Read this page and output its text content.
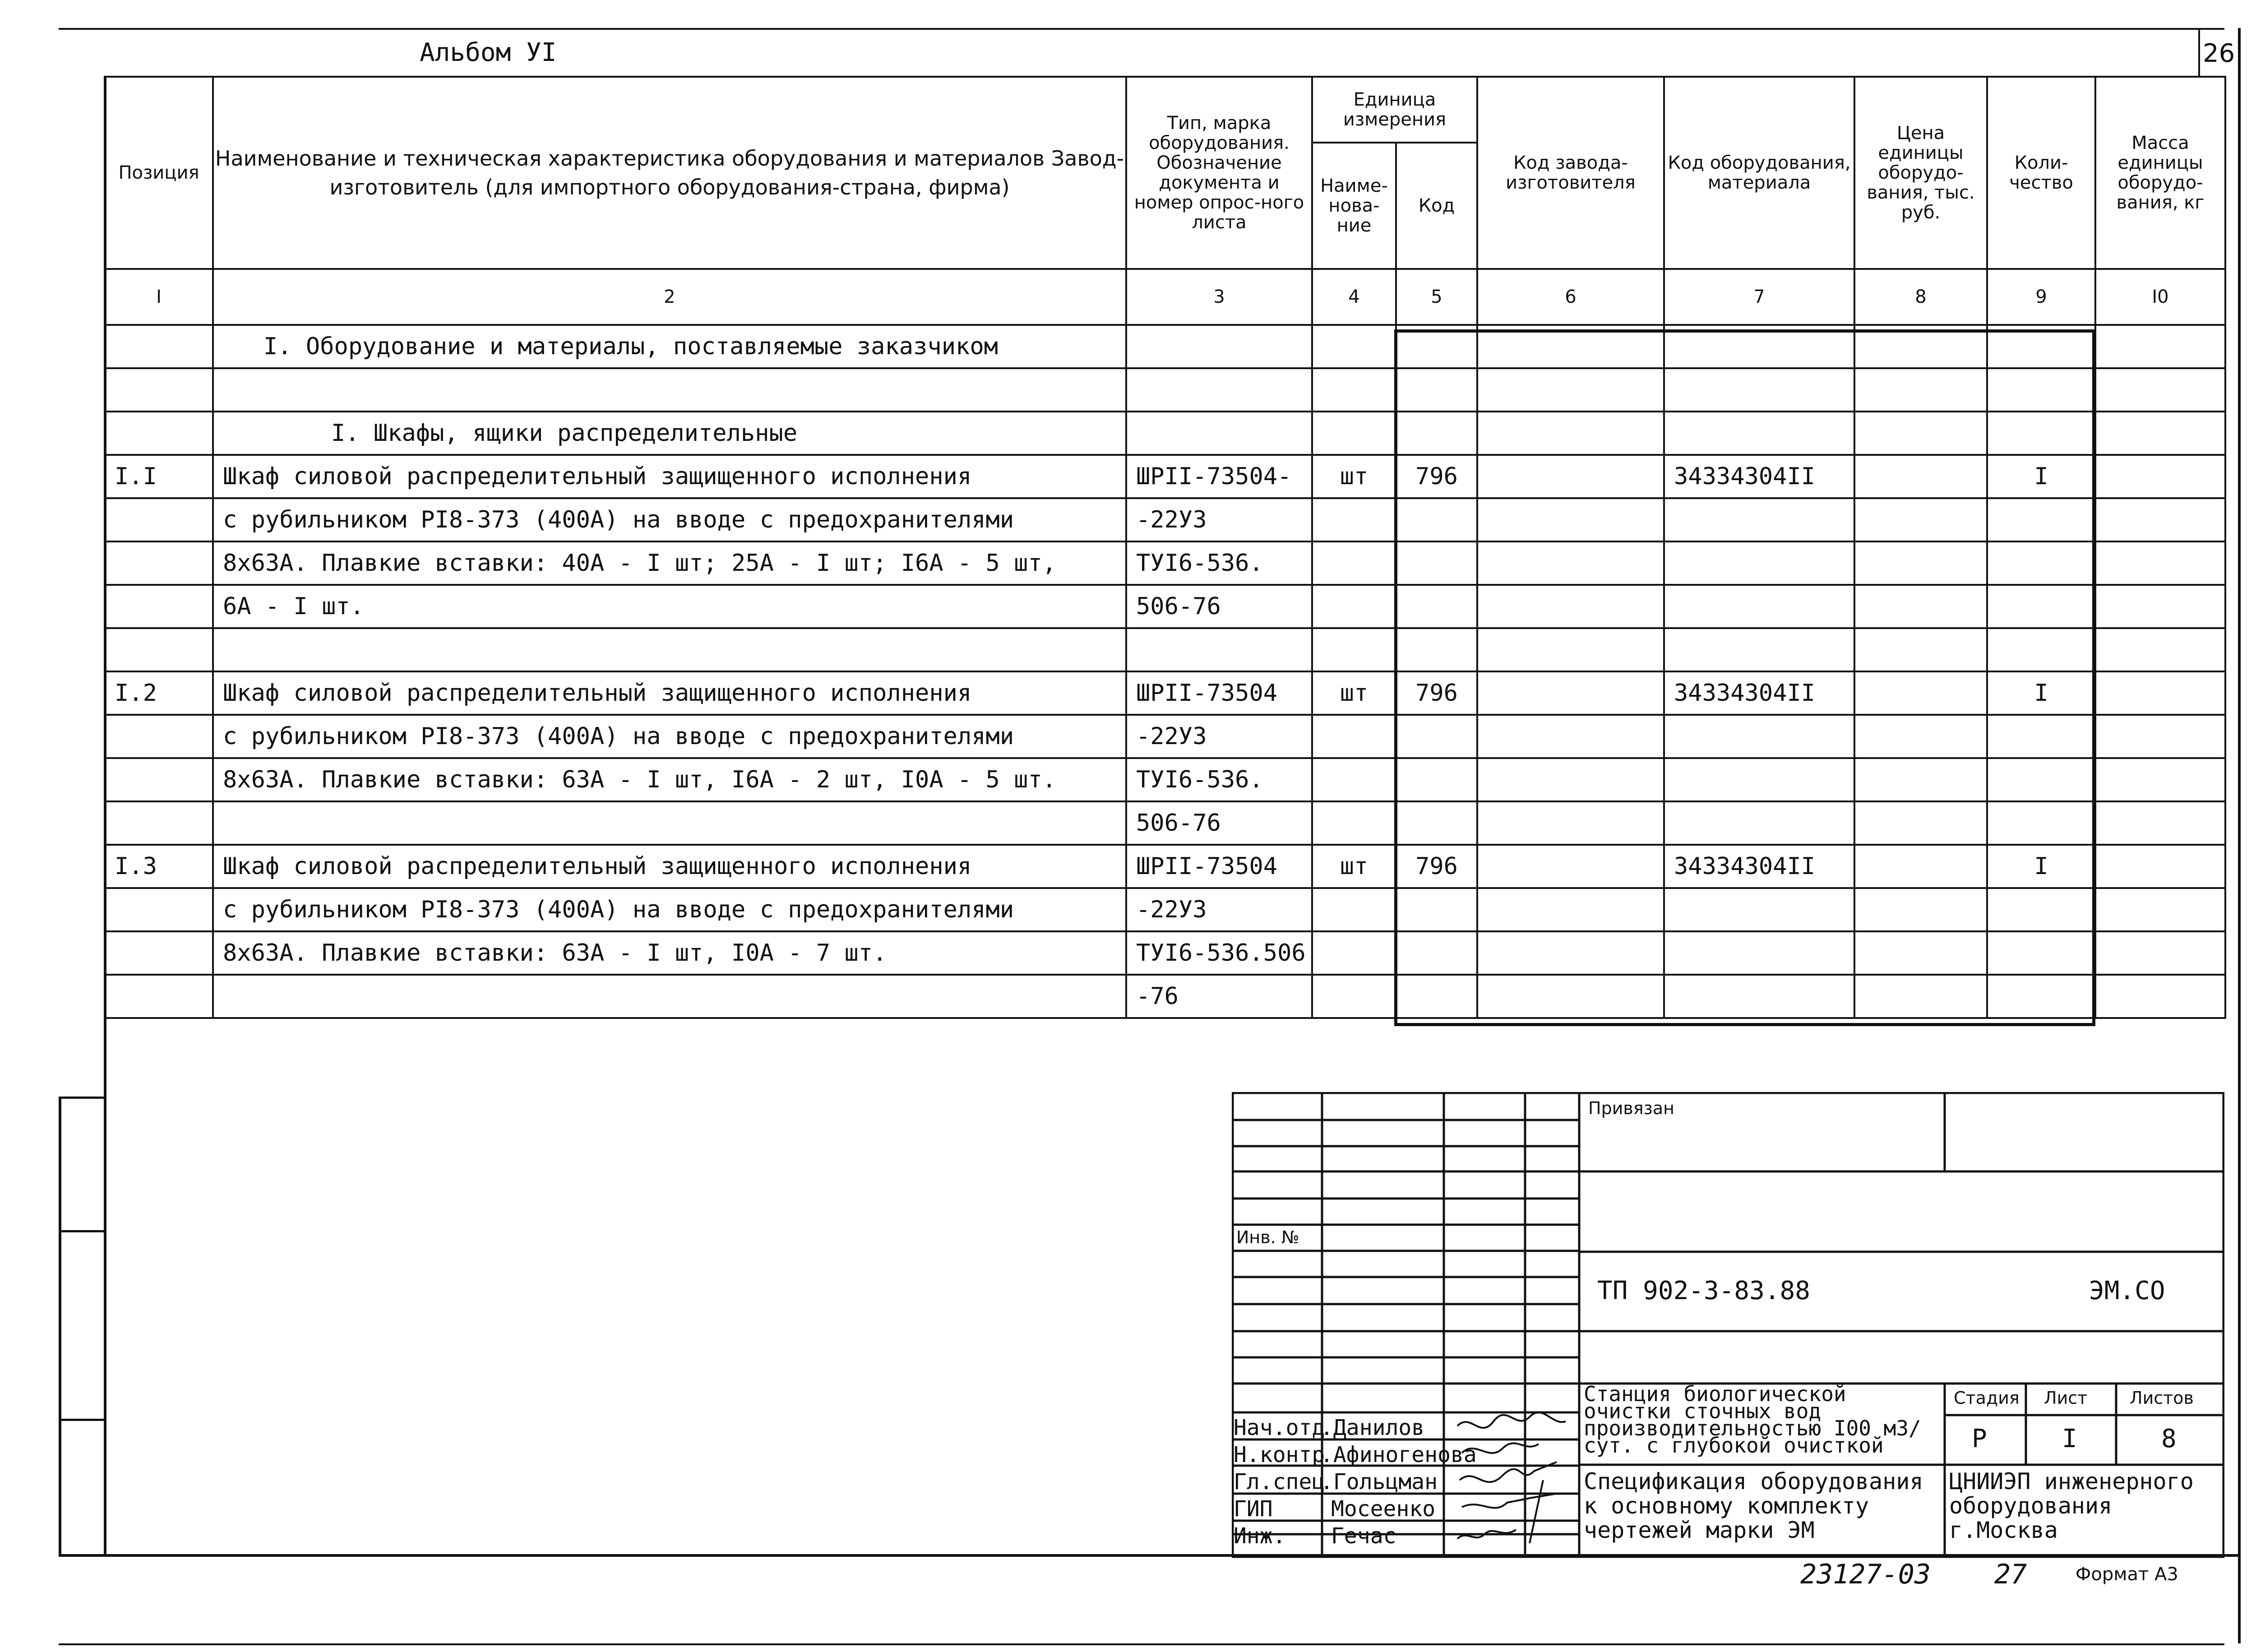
Альбом УI	26
Позиция	Наименование и техническая характеристика оборудования и материалов Завод-изготовитель (для импортного оборудования-страна, фирма)	Тип, марка оборудования. Обозначение документа и номер опрос-ного листа	Единица измерения		Код завода-изготовителя	Код оборудования, материала	Цена единицы оборудо-вания, тыс. руб.	Коли-чество	Масса единицы оборудо-вания, кг
			Наиме-нова-ние	Код					
I	2	3	4	5	6	7	8	9	I0
	I. Оборудование и материалы, поставляемые заказчиком								

	I. Шкафы, ящики распределительные								
I.I	Шкаф силовой распределительный защищенного исполнения	ШРII-73504-	шт	796		34334304II		I	
	с рубильником РI8-373 (400А) на вводе с предохранителями	-22У3							
	8х63А. Плавкие вставки: 40А - I шт; 25А - I шт; I6А - 5 шт,	ТУI6-536.							
	6А - I шт.	506-76							

I.2	Шкаф силовой распределительный защищенного исполнения	ШРII-73504	шт	796		34334304II		I	
	с рубильником РI8-373 (400А) на вводе с предохранителями	-22У3							
	8х63А. Плавкие вставки: 63А - I шт, I6А - 2 шт, I0А - 5 шт.	ТУI6-536.							
		506-76							
I.3	Шкаф силовой распределительный защищенного исполнения	ШРII-73504	шт	796		34334304II		I	
	с рубильником РI8-373 (400А) на вводе с предохранителями	-22У3							
	8х63А. Плавкие вставки: 63А - I шт, I0А - 7 шт.	ТУI6-536.506							
		-76							
Привязан
Инв. №
ТП 902-3-83.88	ЭМ.СО
Станция биологической очистки сточных вод производительностью I00 м3/сут. с глубокой очисткой
Стадия Лист Листов
Р	I	8
Спецификация оборудования к основному комплекту чертежей марки ЭМ
ЦНИИЭП инженерного оборудования г.Москва
Нач.отд
.Данилов
Н.контр
.Афиногенова
Гл.спец
.Гольцман
ГИП	Мосеенко
Инж. Гечас
23127-03 27	Формат А3
